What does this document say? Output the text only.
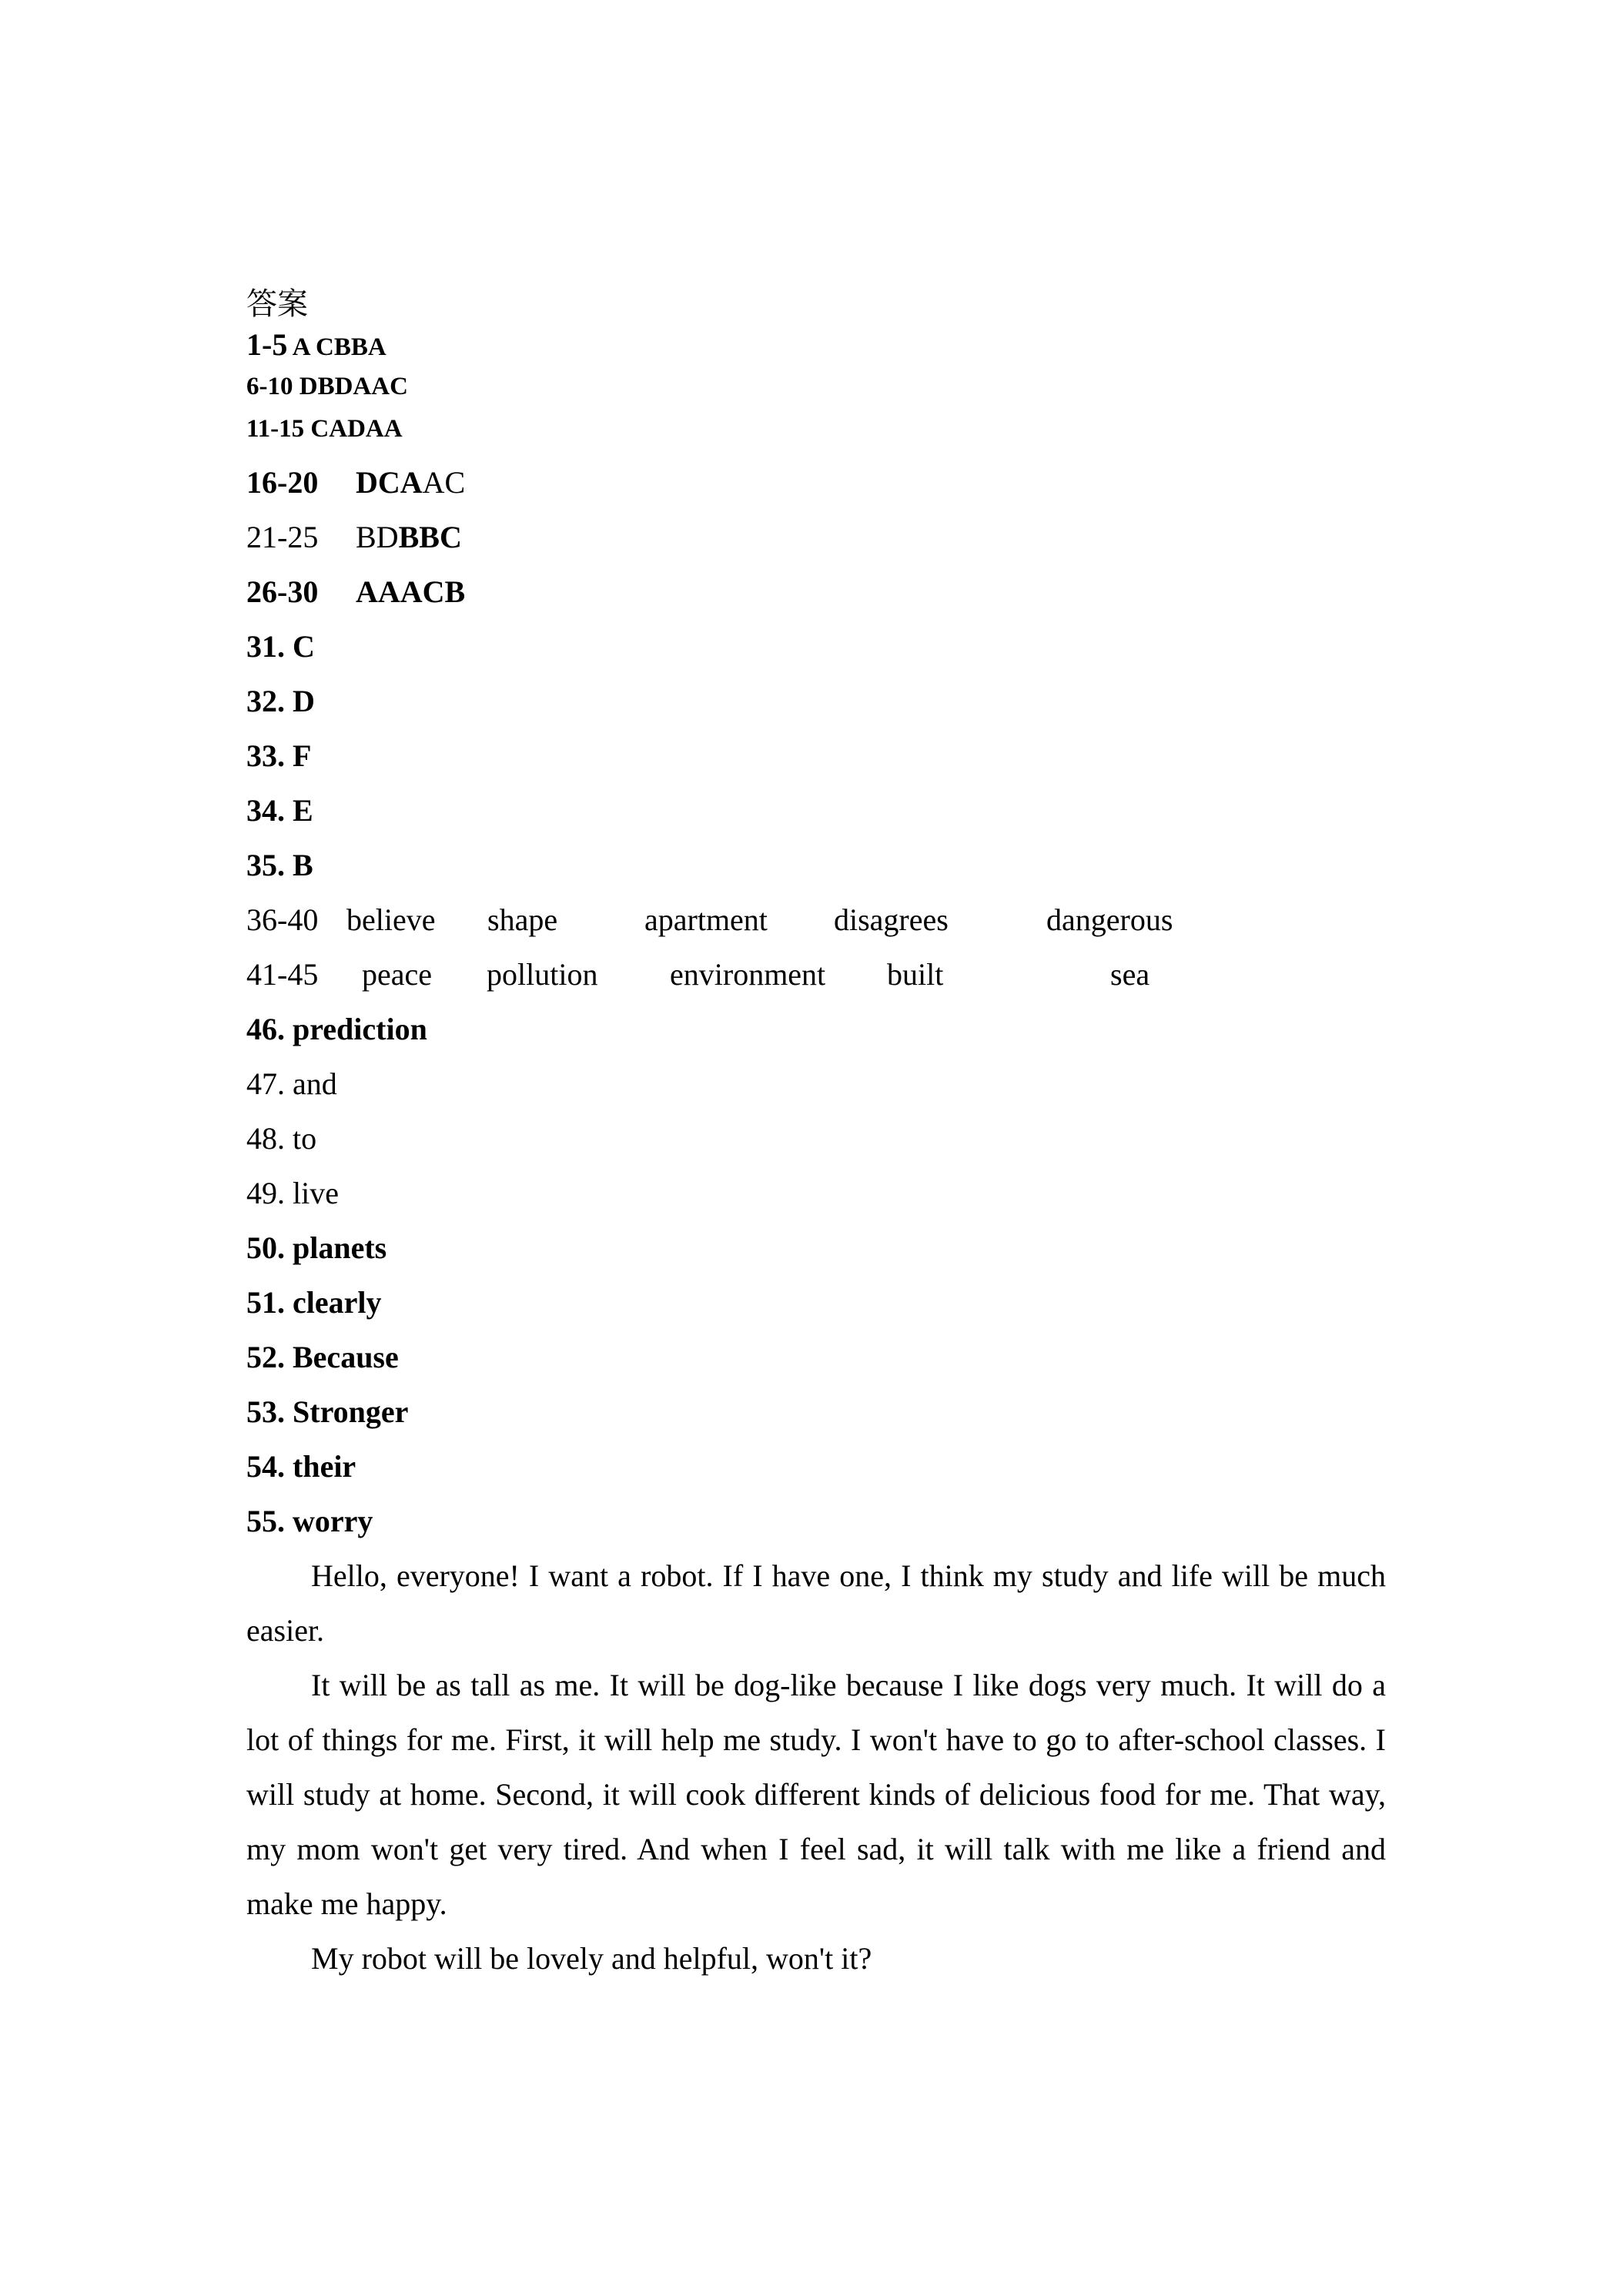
答案
1-5 A CBBA
6-10 DBDAAC
11-15 CADAA
16-20 DCAAC
21-25 BDBBC
26-30 AAACB
31. C
32. D
33. F
34. E
35. B
36-40 believe shape	apartment disagrees	dangerous
41-45 peace pollution environment built	sea
46. prediction
47. and
48. to
49. live
50. planets
51. clearly
52. Because
53. Stronger
54. their
55. worry

Hello, everyone! I want a robot. If I have one, I think my study and life will be much easier.

It will be as tall as me. It will be dog-like because I like dogs very much. It will do a lot of things for me. First, it will help me study. I won't have to go to after-school classes. I will study at home. Second, it will cook different kinds of delicious food for me. That way, my mom won't get very tired. And when I feel sad, it will talk with me like a friend and make me happy.

My robot will be lovely and helpful, won't it?
